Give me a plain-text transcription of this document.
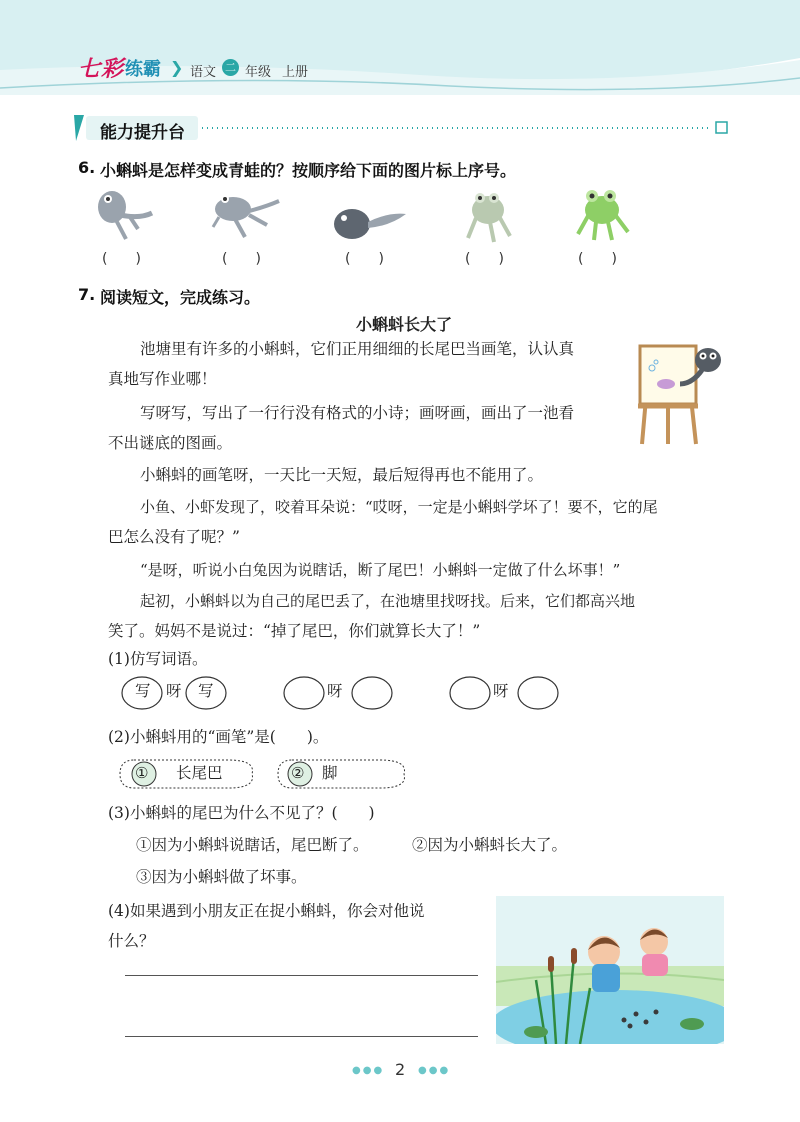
七彩 练霸 ❯ 语文 二 年级 上册
能力提升台
6. 小蝌蚪是怎样变成青蛙的？按顺序给下面的图片标上序号。
(　　)	(　　)	(　　)	(　　)	(　　)
7. 阅读短文，完成练习。
小蝌蚪长大了
池塘里有许多的小蝌蚪，它们正用细细的长尾巴当画笔，认认真
真地写作业哪！
写呀写，写出了一行行没有格式的小诗；画呀画，画出了一池看
不出谜底的图画。
小蝌蚪的画笔呀，一天比一天短，最后短得再也不能用了。
小鱼、小虾发现了，咬着耳朵说：“哎呀，一定是小蝌蚪学坏了！要不，它的尾
巴怎么没有了呢？”
“是呀，听说小白兔因为说瞎话，断了尾巴！小蝌蚪一定做了什么坏事！”
起初，小蝌蚪以为自己的尾巴丢了，在池塘里找呀找。后来，它们都高兴地
笑了。妈妈不是说过：“掉了尾巴，你们就算长大了！”
(1)仿写词语。
写 呀 写	呀	呀
(2)小蝌蚪用的“画笔”是(　　)。
① 长尾巴	② 脚
(3)小蝌蚪的尾巴为什么不见了？(　　)
①因为小蝌蚪说瞎话，尾巴断了。	②因为小蝌蚪长大了。
③因为小蝌蚪做了坏事。
(4)如果遇到小朋友正在捉小蝌蚪，你会对他说
什么？
●●● 2 ●●●
